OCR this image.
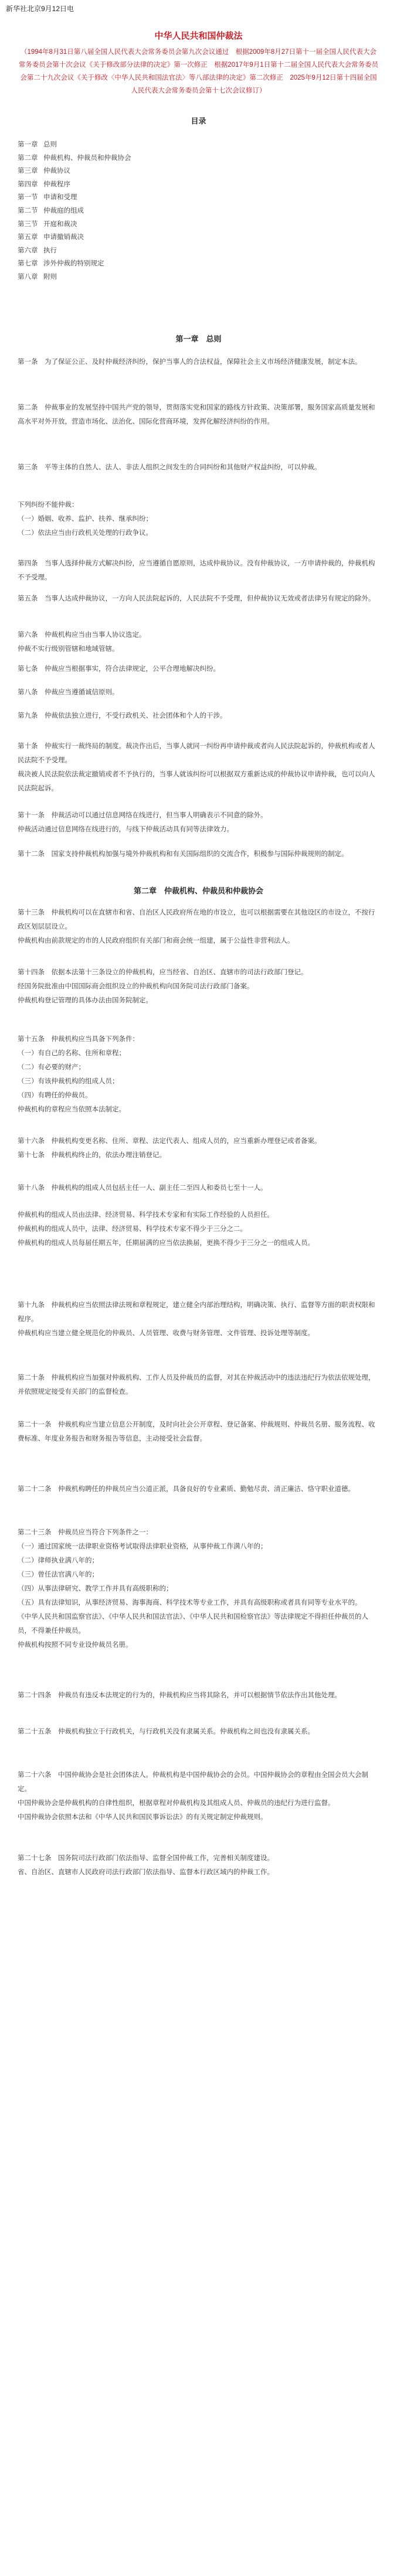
新华社北京9月12日电
中华人民共和国仲裁法
（1994年8月31日第八届全国人民代表大会常务委员会第九次会议通过　根据2009年8月27日第十一届全国人民代表大会常务委员会第十次会议《关于修改部分法律的决定》第一次修正　根据2017年9月1日第十二届全国人民代表大会常务委员会第二十九次会议《关于修改〈中华人民共和国法官法〉等八部法律的决定》第二次修正　2025年9月12日第十四届全国人民代表大会常务委员会第十七次会议修订）
目录
第一章 总则
第二章 仲裁机构、仲裁员和仲裁协会
第三章 仲裁协议
第四章 仲裁程序
第一节 申请和受理
第二节 仲裁庭的组成
第三节 开庭和裁决
第五章 申请撤销裁决
第六章 执行
第七章 涉外仲裁的特别规定
第八章 附则
第一章　总则

第一条　为了保证公正、及时仲裁经济纠纷，保护当事人的合法权益，保障社会主义市场经济健康发展，制定本法。

第二条　仲裁事业的发展坚持中国共产党的领导，贯彻落实党和国家的路线方针政策、决策部署，服务国家高质量发展和高水平对外开放，营造市场化、法治化、国际化营商环境，发挥化解经济纠纷的作用。

第三条　平等主体的自然人、法人、非法人组织之间发生的合同纠纷和其他财产权益纠纷，可以仲裁。

下列纠纷不能仲裁：

（一）婚姻、收养、监护、扶养、继承纠纷；

（二）依法应当由行政机关处理的行政争议。

第四条　当事人选择仲裁方式解决纠纷，应当遵循自愿原则，达成仲裁协议。没有仲裁协议，一方申请仲裁的，仲裁机构不予受理。

第五条　当事人达成仲裁协议，一方向人民法院起诉的，人民法院不予受理，但仲裁协议无效或者法律另有规定的除外。

第六条　仲裁机构应当由当事人协议选定。

仲裁不实行级别管辖和地域管辖。

第七条　仲裁应当根据事实，符合法律规定，公平合理地解决纠纷。

第八条　仲裁应当遵循诚信原则。

第九条　仲裁依法独立进行，不受行政机关、社会团体和个人的干涉。

第十条　仲裁实行一裁终局的制度。裁决作出后，当事人就同一纠纷再申请仲裁或者向人民法院起诉的，仲裁机构或者人民法院不予受理。

裁决被人民法院依法裁定撤销或者不予执行的，当事人就该纠纷可以根据双方重新达成的仲裁协议申请仲裁，也可以向人民法院起诉。

第十一条　仲裁活动可以通过信息网络在线进行，但当事人明确表示不同意的除外。

仲裁活动通过信息网络在线进行的，与线下仲裁活动具有同等法律效力。

第十二条　国家支持仲裁机构加强与境外仲裁机构和有关国际组织的交流合作，积极参与国际仲裁规则的制定。

第二章　仲裁机构、仲裁员和仲裁协会

第十三条　仲裁机构可以在直辖市和省、自治区人民政府所在地的市设立，也可以根据需要在其他设区的市设立，不按行政区划层层设立。

仲裁机构由前款规定的市的人民政府组织有关部门和商会统一组建，属于公益性非营利法人。

第十四条　依据本法第十三条设立的仲裁机构，应当经省、自治区、直辖市的司法行政部门登记。

经国务院批准由中国国际商会组织设立的仲裁机构向国务院司法行政部门备案。

仲裁机构登记管理的具体办法由国务院制定。

第十五条　仲裁机构应当具备下列条件：

（一）有自己的名称、住所和章程；

（二）有必要的财产；

（三）有该仲裁机构的组成人员；

（四）有聘任的仲裁员。

仲裁机构的章程应当依照本法制定。

第十六条　仲裁机构变更名称、住所、章程、法定代表人、组成人员的，应当重新办理登记或者备案。

第十七条　仲裁机构终止的，依法办理注销登记。

第十八条　仲裁机构的组成人员包括主任一人、副主任二至四人和委员七至十一人。

仲裁机构的组成人员由法律、经济贸易、科学技术专家和有实际工作经验的人员担任。

仲裁机构的组成人员中，法律、经济贸易、科学技术专家不得少于三分之二。

仲裁机构的组成人员每届任期五年，任期届满的应当依法换届，更换不得少于三分之一的组成人员。

第十九条　仲裁机构应当依照法律法规和章程规定，建立健全内部治理结构，明确决策、执行、监督等方面的职责权限和程序。

仲裁机构应当建立健全规范化的仲裁员、人员管理、收费与财务管理、文件管理、投诉处理等制度。

第二十条　仲裁机构应当加强对仲裁机构、工作人员及仲裁员的监督，对其在仲裁活动中的违法违纪行为依法依规处理，并依照规定接受有关部门的监督检查。

第二十一条　仲裁机构应当建立信息公开制度，及时向社会公开章程、登记备案、仲裁规则、仲裁员名册、服务流程、收费标准、年度业务报告和财务报告等信息，主动接受社会监督。

第二十二条　仲裁机构聘任的仲裁员应当公道正派，具备良好的专业素质、勤勉尽责、清正廉洁、恪守职业道德。

第二十三条　仲裁员应当符合下列条件之一：

（一）通过国家统一法律职业资格考试取得法律职业资格，从事仲裁工作满八年的；

（二）律师执业满八年的；

（三）曾任法官满八年的；

（四）从事法律研究、教学工作并具有高级职称的；

（五）具有法律知识，从事经济贸易、海事海商、科学技术等专业工作，并具有高级职称或者具有同等专业水平的。

《中华人民共和国监察官法》、《中华人民共和国法官法》、《中华人民共和国检察官法》等法律规定不得担任仲裁员的人员，不得兼任仲裁员。

仲裁机构按照不同专业设仲裁员名册。

第二十四条　仲裁员有违反本法规定的行为的，仲裁机构应当将其除名，并可以根据情节依法作出其他处理。

第二十五条　仲裁机构独立于行政机关，与行政机关没有隶属关系。仲裁机构之间也没有隶属关系。

第二十六条　中国仲裁协会是社会团体法人。仲裁机构是中国仲裁协会的会员。中国仲裁协会的章程由全国会员大会制定。

中国仲裁协会是仲裁机构的自律性组织，根据章程对仲裁机构及其组成人员、仲裁员的违纪行为进行监督。

中国仲裁协会依照本法和《中华人民共和国民事诉讼法》的有关规定制定仲裁规则。

第二十七条　国务院司法行政部门依法指导、监督全国仲裁工作，完善相关制度建设。

省、自治区、直辖市人民政府司法行政部门依法指导、监督本行政区域内的仲裁工作。
